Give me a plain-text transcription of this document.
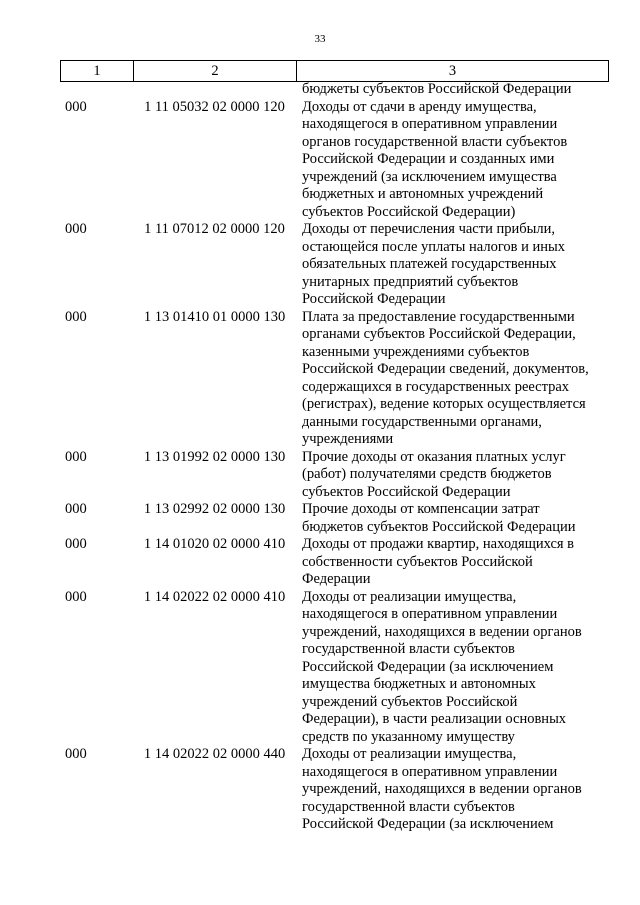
33
1	2	3
бюджеты субъектов Российской Федерации
000	1 11 05032 02 0000 120	Доходы от сдачи в аренду имущества,
находящегося в оперативном управлении
органов государственной власти субъектов
Российской Федерации и созданных ими
учреждений (за исключением имущества
бюджетных и автономных учреждений
субъектов Российской Федерации)
000	1 11 07012 02 0000 120	Доходы от перечисления части прибыли,
остающейся после уплаты налогов и иных
обязательных платежей государственных
унитарных предприятий субъектов
Российской Федерации
000	1 13 01410 01 0000 130	Плата за предоставление государственными
органами субъектов Российской Федерации,
казенными учреждениями субъектов
Российской Федерации сведений, документов,
содержащихся в государственных реестрах
(регистрах), ведение которых осуществляется
данными государственными органами,
учреждениями
000	1 13 01992 02 0000 130	Прочие доходы от оказания платных услуг
(работ) получателями средств бюджетов
субъектов Российской Федерации
000	1 13 02992 02 0000 130	Прочие доходы от компенсации затрат
бюджетов субъектов Российской Федерации
000	1 14 01020 02 0000 410	Доходы от продажи квартир, находящихся в
собственности субъектов Российской
Федерации
000	1 14 02022 02 0000 410	Доходы от реализации имущества,
находящегося в оперативном управлении
учреждений, находящихся в ведении органов
государственной власти субъектов
Российской Федерации (за исключением
имущества бюджетных и автономных
учреждений субъектов Российской
Федерации), в части реализации основных
средств по указанному имуществу
000	1 14 02022 02 0000 440	Доходы от реализации имущества,
находящегося в оперативном управлении
учреждений, находящихся в ведении органов
государственной власти субъектов
Российской Федерации (за исключением
